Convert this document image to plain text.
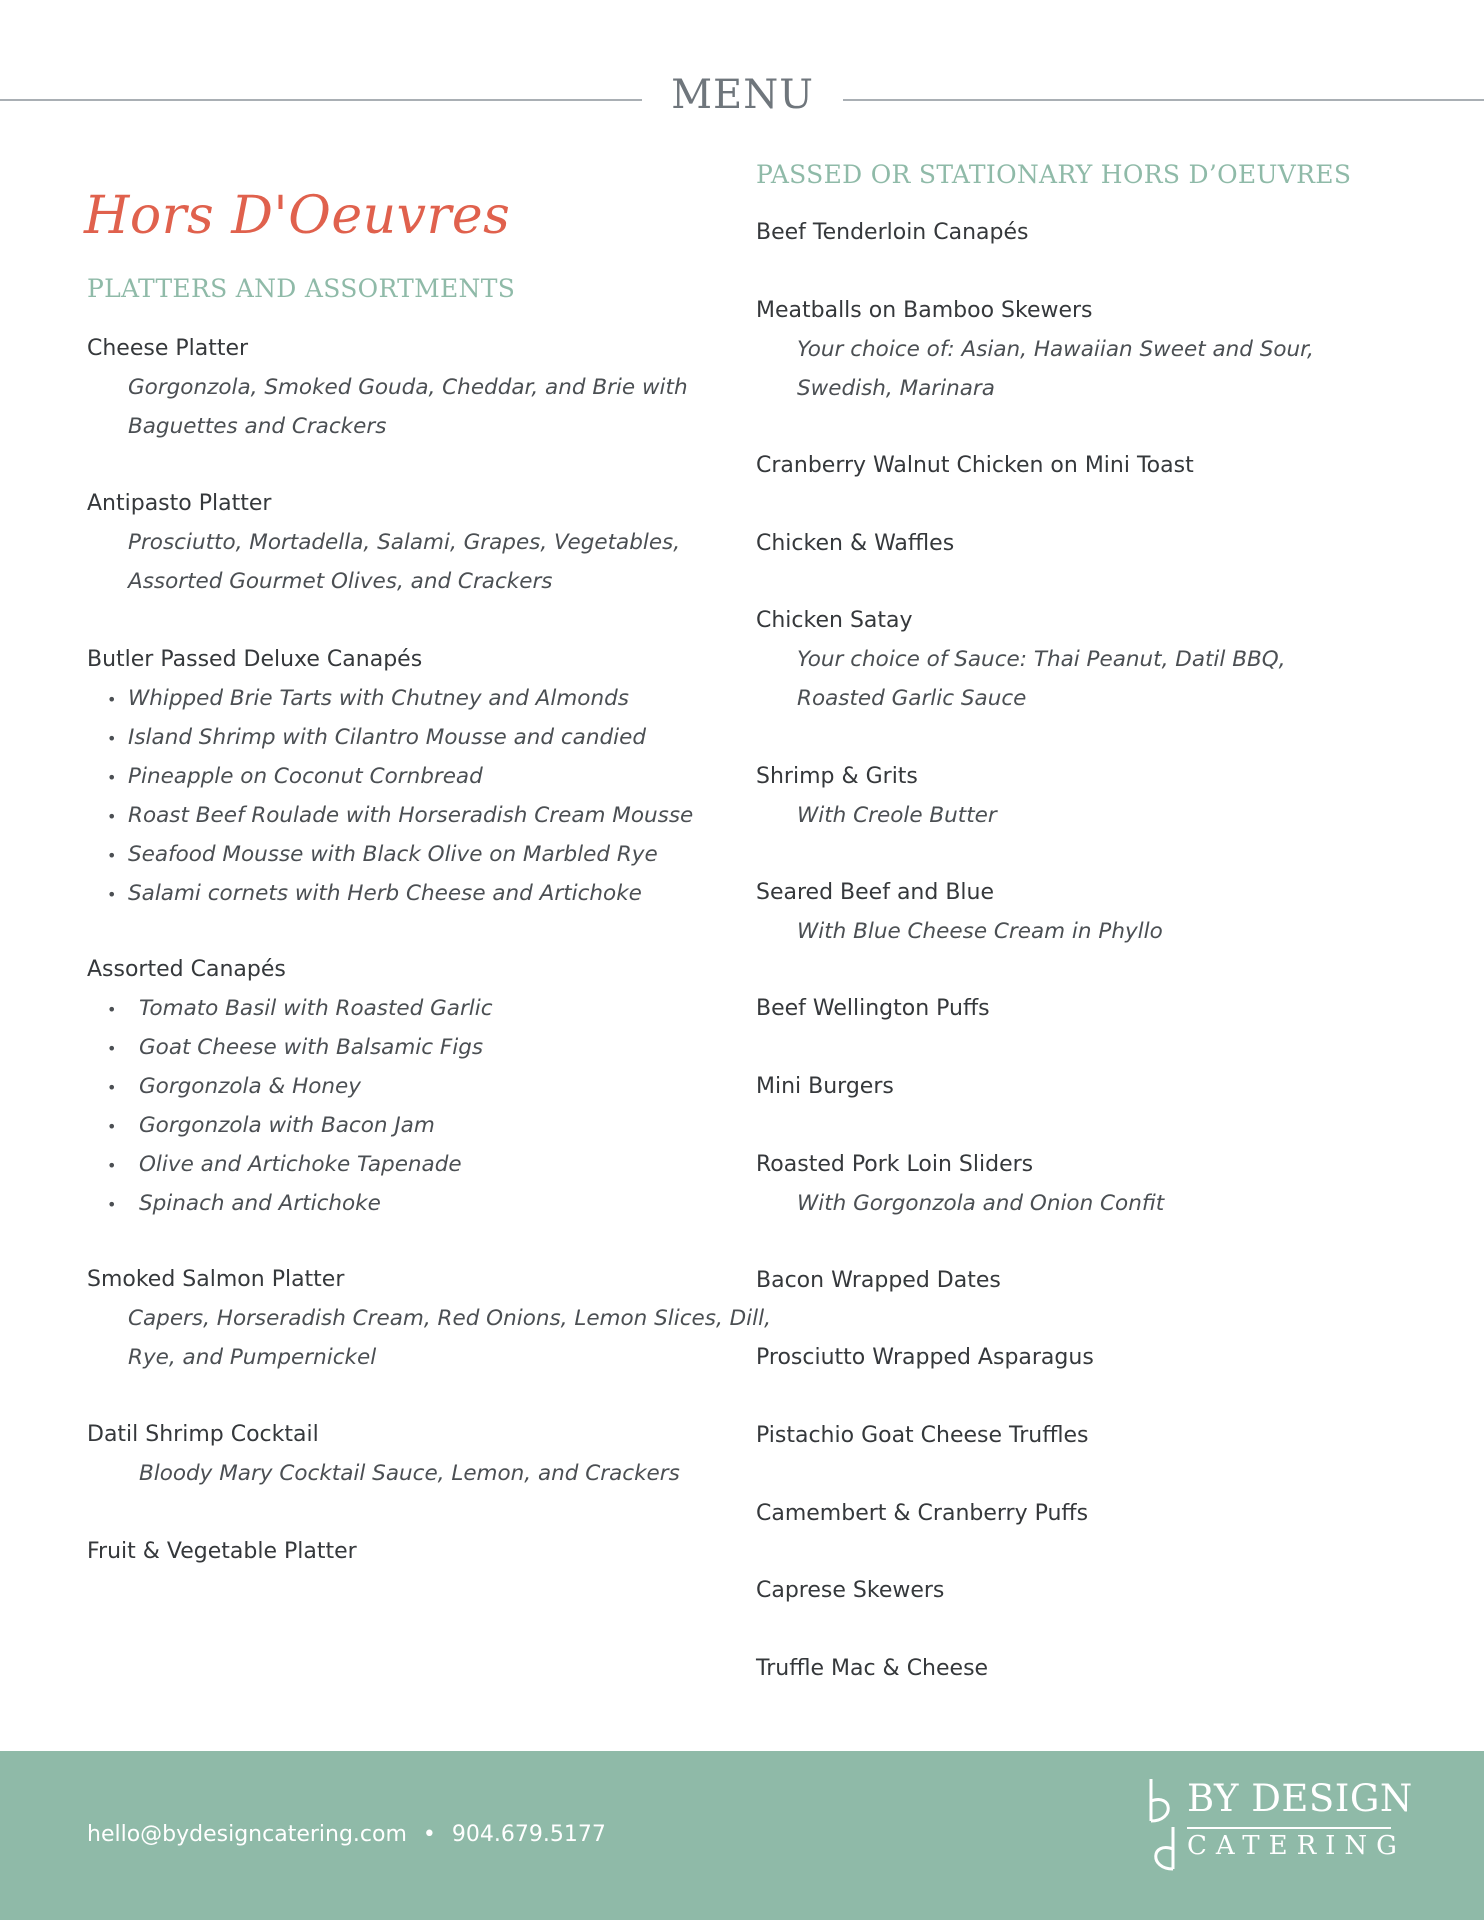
MENU
Hors D'Oeuvres
PLATTERS AND ASSORTMENTS
PASSED OR STATIONARY HORS D’OEUVRES
Cheese Platter
Gorgonzola, Smoked Gouda, Cheddar, and Brie with
Baguettes and Crackers
Antipasto Platter
Prosciutto, Mortadella, Salami, Grapes, Vegetables,
Assorted Gourmet Olives, and Crackers
Butler Passed Deluxe Canapés
• Whipped Brie Tarts with Chutney and Almonds
• Island Shrimp with Cilantro Mousse and candied
• Pineapple on Coconut Cornbread
• Roast Beef Roulade with Horseradish Cream Mousse
• Seafood Mousse with Black Olive on Marbled Rye
• Salami cornets with Herb Cheese and Artichoke
Assorted Canapés
• Tomato Basil with Roasted Garlic
• Goat Cheese with Balsamic Figs
• Gorgonzola & Honey
• Gorgonzola with Bacon Jam
• Olive and Artichoke Tapenade
• Spinach and Artichoke
Smoked Salmon Platter
Capers, Horseradish Cream, Red Onions, Lemon Slices, Dill,
Rye, and Pumpernickel
Datil Shrimp Cocktail
Bloody Mary Cocktail Sauce, Lemon, and Crackers
Fruit & Vegetable Platter
Beef Tenderloin Canapés
Meatballs on Bamboo Skewers
Your choice of: Asian, Hawaiian Sweet and Sour,
Swedish, Marinara
Cranberry Walnut Chicken on Mini Toast
Chicken & Waffles
Chicken Satay
Your choice of Sauce: Thai Peanut, Datil BBQ,
Roasted Garlic Sauce
Shrimp & Grits
With Creole Butter
Seared Beef and Blue
With Blue Cheese Cream in Phyllo
Beef Wellington Puffs
Mini Burgers
Roasted Pork Loin Sliders
With Gorgonzola and Onion Confit
Bacon Wrapped Dates
Prosciutto Wrapped Asparagus
Pistachio Goat Cheese Truffles
Camembert & Cranberry Puffs
Caprese Skewers
Truffle Mac & Cheese
hello@bydesigncatering.com • 904.679.5177
BY DESIGN
CATERING
